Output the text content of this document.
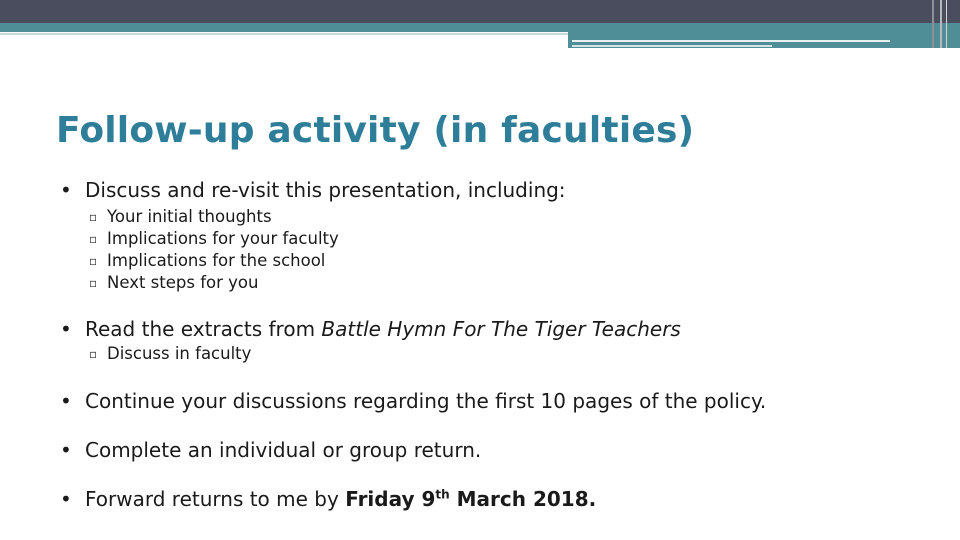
Follow-up activity (in faculties)
• Discuss and re-visit this presentation, including:
▫ Your initial thoughts
▫ Implications for your faculty
▫ Implications for the school
▫ Next steps for you
• Read the extracts from Battle Hymn For The Tiger Teachers
▫ Discuss in faculty
• Continue your discussions regarding the first 10 pages of the policy.
• Complete an individual or group return.
• Forward returns to me by Friday 9th March 2018.
